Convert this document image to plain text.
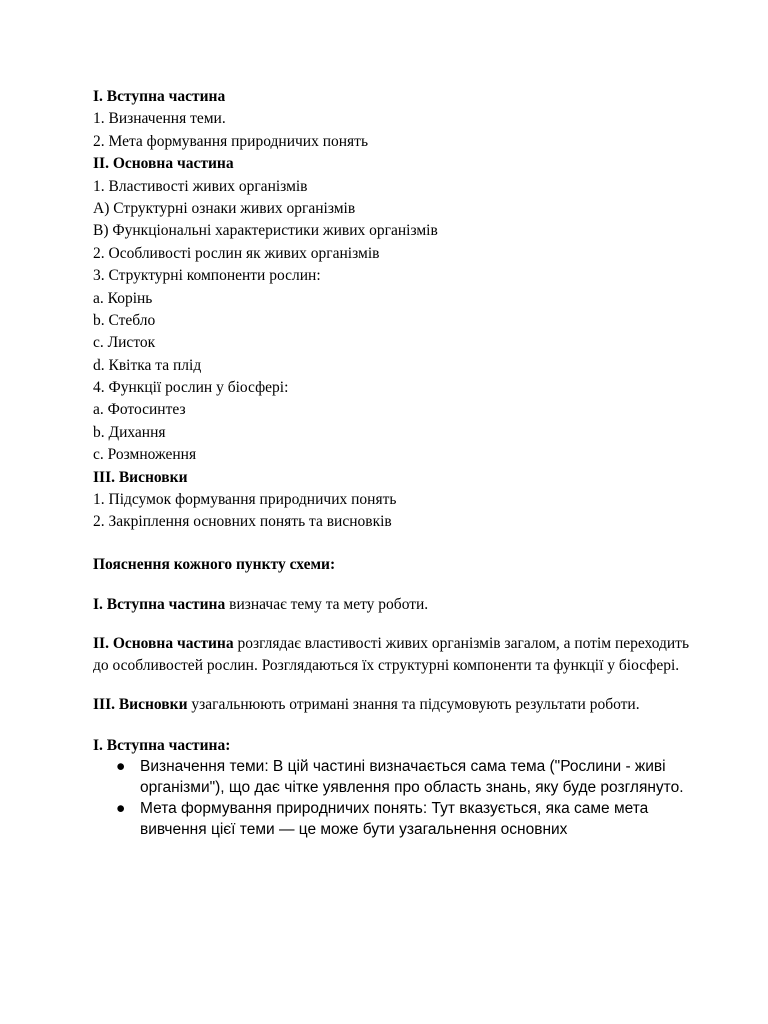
I. Вступна частина
1. Визначення теми.
2. Мета формування природничих понять
II. Основна частина
1. Властивості живих організмів
A) Структурні ознаки живих організмів
B) Функціональні характеристики живих організмів
2. Особливості рослин як живих організмів
3. Структурні компоненти рослин:
a. Корінь
b. Стебло
c. Листок
d. Квітка та плід
4. Функції рослин у біосфері:
a. Фотосинтез
b. Дихання
c. Розмноження
III. Висновки
1. Підсумок формування природничих понять
2. Закріплення основних понять та висновків
Пояснення кожного пункту схеми:
I. Вступна частина визначає тему та мету роботи.
II. Основна частина розглядає властивості живих організмів загалом, а потім переходить до особливостей рослин. Розглядаються їх структурні компоненти та функції у біосфері.
III. Висновки узагальнюють отримані знання та підсумовують результати роботи.
I. Вступна частина:
● Визначення теми: В цій частині визначається сама тема ("Рослини - живі організми"), що дає чітке уявлення про область знань, яку буде розглянуто.
● Мета формування природничих понять: Тут вказується, яка саме мета вивчення цієї теми — це може бути узагальнення основних
